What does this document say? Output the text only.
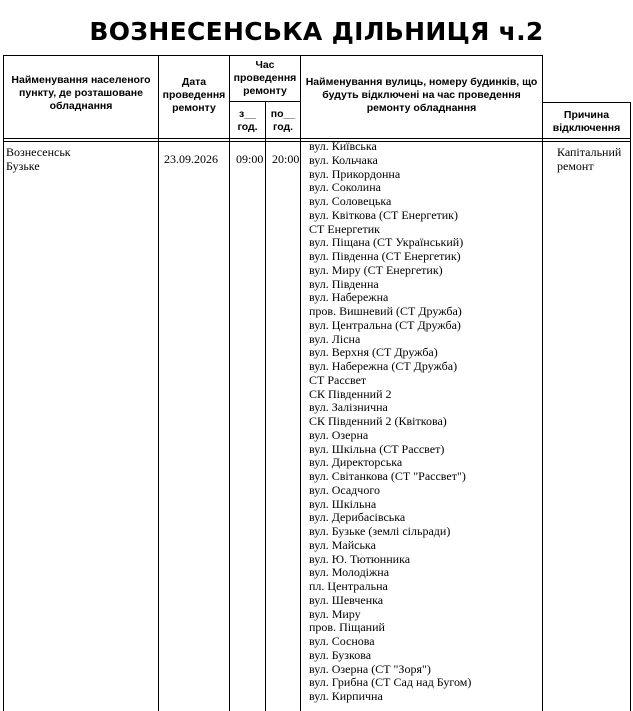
ВОЗНЕСЕНСЬКА ДІЛЬНИЦЯ ч.2
Найменування населеного пункту, де розташоване обладнання
Дата проведення ремонту
Час проведення ремонту
з__ год.
по__ год.
Найменування вулиць, номеру будинків, що будуть відключені на час проведення ремонту обладнання
Причина відключення
Вознесенськ
Бузьке	23.09.2026 09:00 20:00	Капітальний
ремонт
вул. Київська
вул. Кольчака
вул. Прикордонна
вул. Соколина
вул. Соловецька
вул. Квіткова (СТ Енергетик)
СТ Енергетик
вул. Піщана (СТ Український)
вул. Південна (СТ Енергетик)
вул. Миру (СТ Енергетик)
вул. Південна
вул. Набережна
пров. Вишневий (СТ Дружба)
вул. Центральна (СТ Дружба)
вул. Лісна
вул. Верхня (СТ Дружба)
вул. Набережна (СТ Дружба)
СТ Рассвет
СК Південний 2
вул. Залізнична
СК Південний 2 (Квіткова)
вул. Озерна
вул. Шкільна (СТ Рассвет)
вул. Директорська
вул. Світанкова (СТ "Рассвет")
вул. Осадчого
вул. Шкільна
вул. Дерибасівська
вул. Бузьке (землі сільради)
вул. Майська
вул. Ю. Тютюнника
вул. Молодіжна
пл. Центральна
вул. Шевченка
вул. Миру
пров. Піщаний
вул. Соснова
вул. Бузкова
вул. Озерна (СТ "Зоря")
вул. Грибна (СТ Сад над Бугом)
вул. Кирпична
